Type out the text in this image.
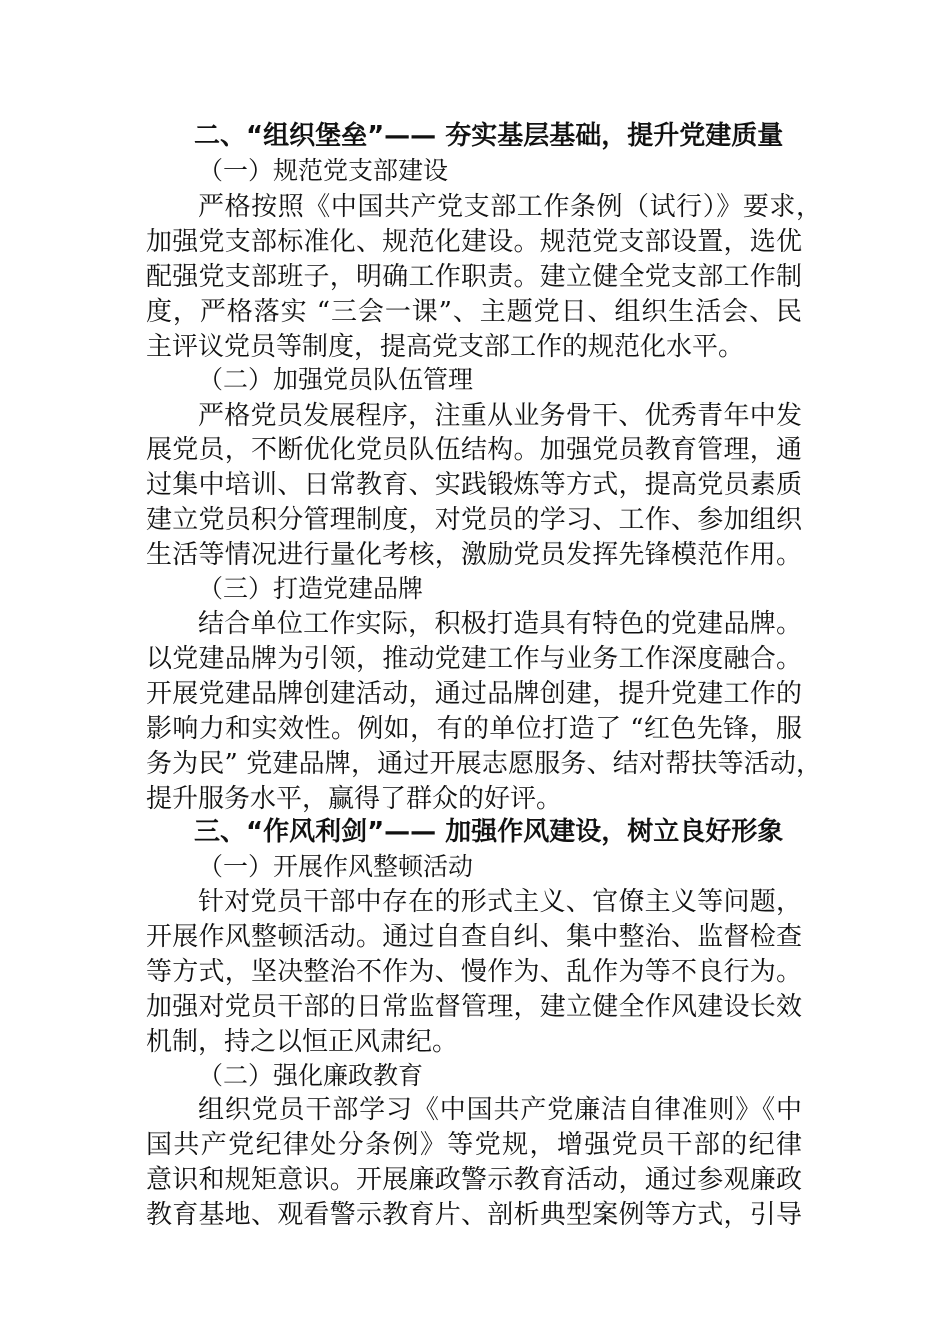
二、“组织堡垒”—— 夯实基层基础，提升党建质量
（一）规范党支部建设
严格按照《中国共产党支部工作条例（试行）》要求，
加强党支部标准化、规范化建设。规范党支部设置，选优
配强党支部班子，明确工作职责。建立健全党支部工作制
度，严格落实 “三会一课”、主题党日、组织生活会、民
主评议党员等制度，提高党支部工作的规范化水平。
（二）加强党员队伍管理
严格党员发展程序，注重从业务骨干、优秀青年中发
展党员，不断优化党员队伍结构。加强党员教育管理，通
过集中培训、日常教育、实践锻炼等方式，提高党员素质
建立党员积分管理制度，对党员的学习、工作、参加组织
生活等情况进行量化考核，激励党员发挥先锋模范作用。
（三）打造党建品牌
结合单位工作实际，积极打造具有特色的党建品牌。
以党建品牌为引领，推动党建工作与业务工作深度融合。
开展党建品牌创建活动，通过品牌创建，提升党建工作的
影响力和实效性。例如，有的单位打造了 “红色先锋，服
务为民” 党建品牌，通过开展志愿服务、结对帮扶等活动，
提升服务水平，赢得了群众的好评。
三、“作风利剑”—— 加强作风建设，树立良好形象
（一）开展作风整顿活动
针对党员干部中存在的形式主义、官僚主义等问题，
开展作风整顿活动。通过自查自纠、集中整治、监督检查
等方式，坚决整治不作为、慢作为、乱作为等不良行为。
加强对党员干部的日常监督管理，建立健全作风建设长效
机制，持之以恒正风肃纪。
（二）强化廉政教育
组织党员干部学习《中国共产党廉洁自律准则》《中
国共产党纪律处分条例》等党规，增强党员干部的纪律
意识和规矩意识。开展廉政警示教育活动，通过参观廉政
教育基地、观看警示教育片、剖析典型案例等方式，引导
